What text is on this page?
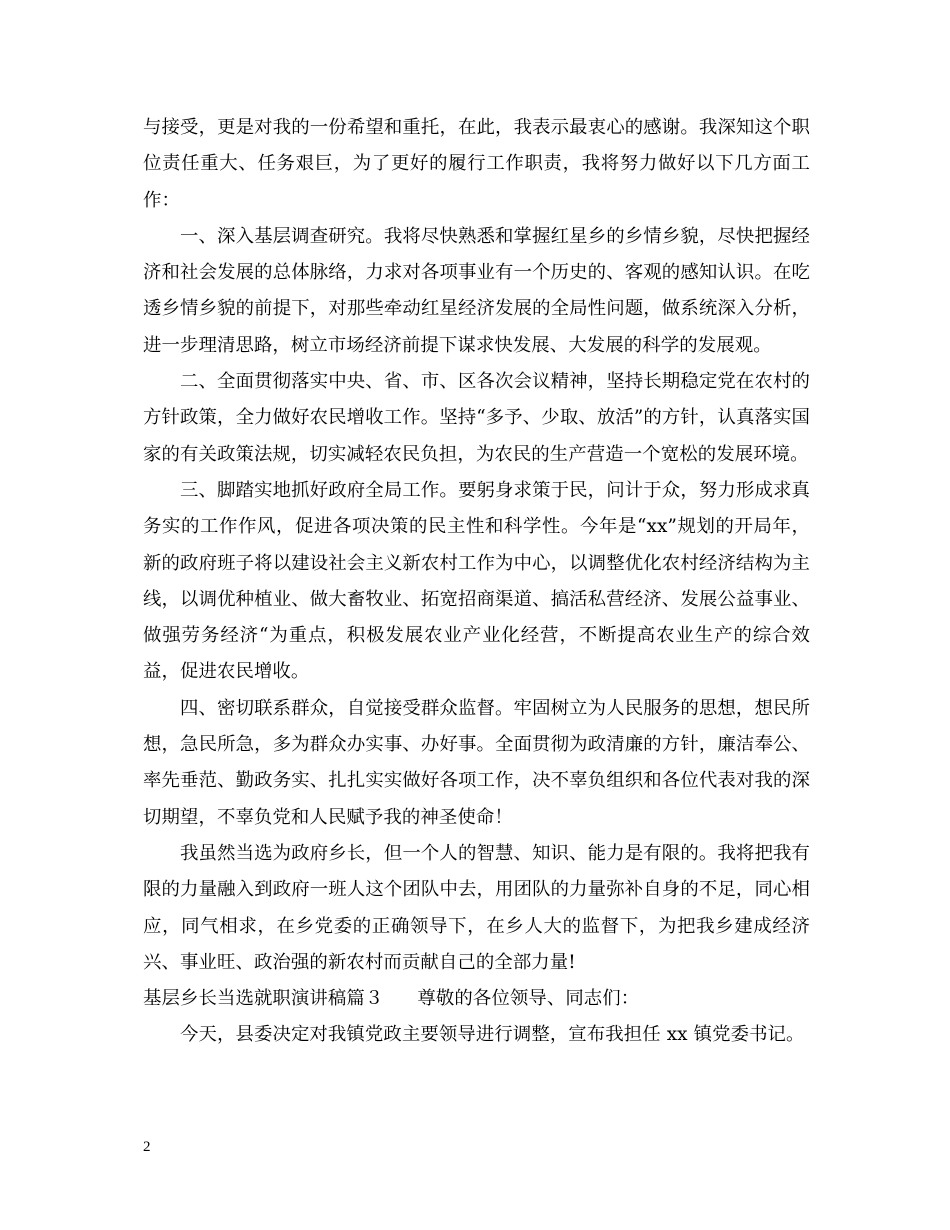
与接受，更是对我的一份希望和重托，在此，我表示最衷心的感谢。我深知这个职位责任重大、任务艰巨，为了更好的履行工作职责，我将努力做好以下几方面工作：

一、深入基层调查研究。我将尽快熟悉和掌握红星乡的乡情乡貌，尽快把握经济和社会发展的总体脉络，力求对各项事业有一个历史的、客观的感知认识。在吃透乡情乡貌的前提下，对那些牵动红星经济发展的全局性问题，做系统深入分析，进一步理清思路，树立市场经济前提下谋求快发展、大发展的科学的发展观。

二、全面贯彻落实中央、省、市、区各次会议精神，坚持长期稳定党在农村的方针政策，全力做好农民增收工作。坚持“多予、少取、放活”的方针，认真落实国家的有关政策法规，切实减轻农民负担，为农民的生产营造一个宽松的发展环境。

三、脚踏实地抓好政府全局工作。要躬身求策于民，问计于众，努力形成求真务实的工作作风，促进各项决策的民主性和科学性。今年是“xx”规划的开局年，新的政府班子将以建设社会主义新农村工作为中心，以调整优化农村经济结构为主线，以调优种植业、做大畜牧业、拓宽招商渠道、搞活私营经济、发展公益事业、做强劳务经济“为重点，积极发展农业产业化经营，不断提高农业生产的综合效益，促进农民增收。

四、密切联系群众，自觉接受群众监督。牢固树立为人民服务的思想，想民所想，急民所急，多为群众办实事、办好事。全面贯彻为政清廉的方针，廉洁奉公、率先垂范、勤政务实、扎扎实实做好各项工作，决不辜负组织和各位代表对我的深切期望，不辜负党和人民赋予我的神圣使命！

我虽然当选为政府乡长，但一个人的智慧、知识、能力是有限的。我将把我有限的力量融入到政府一班人这个团队中去，用团队的力量弥补自身的不足，同心相应，同气相求，在乡党委的正确领导下，在乡人大的监督下，为把我乡建成经济兴、事业旺、政治强的新农村而贡献自己的全部力量!

基层乡长当选就职演讲稿篇３ 尊敬的各位领导、同志们：

今天，县委决定对我镇党政主要领导进行调整，宣布我担任 xx 镇党委书记。

2
